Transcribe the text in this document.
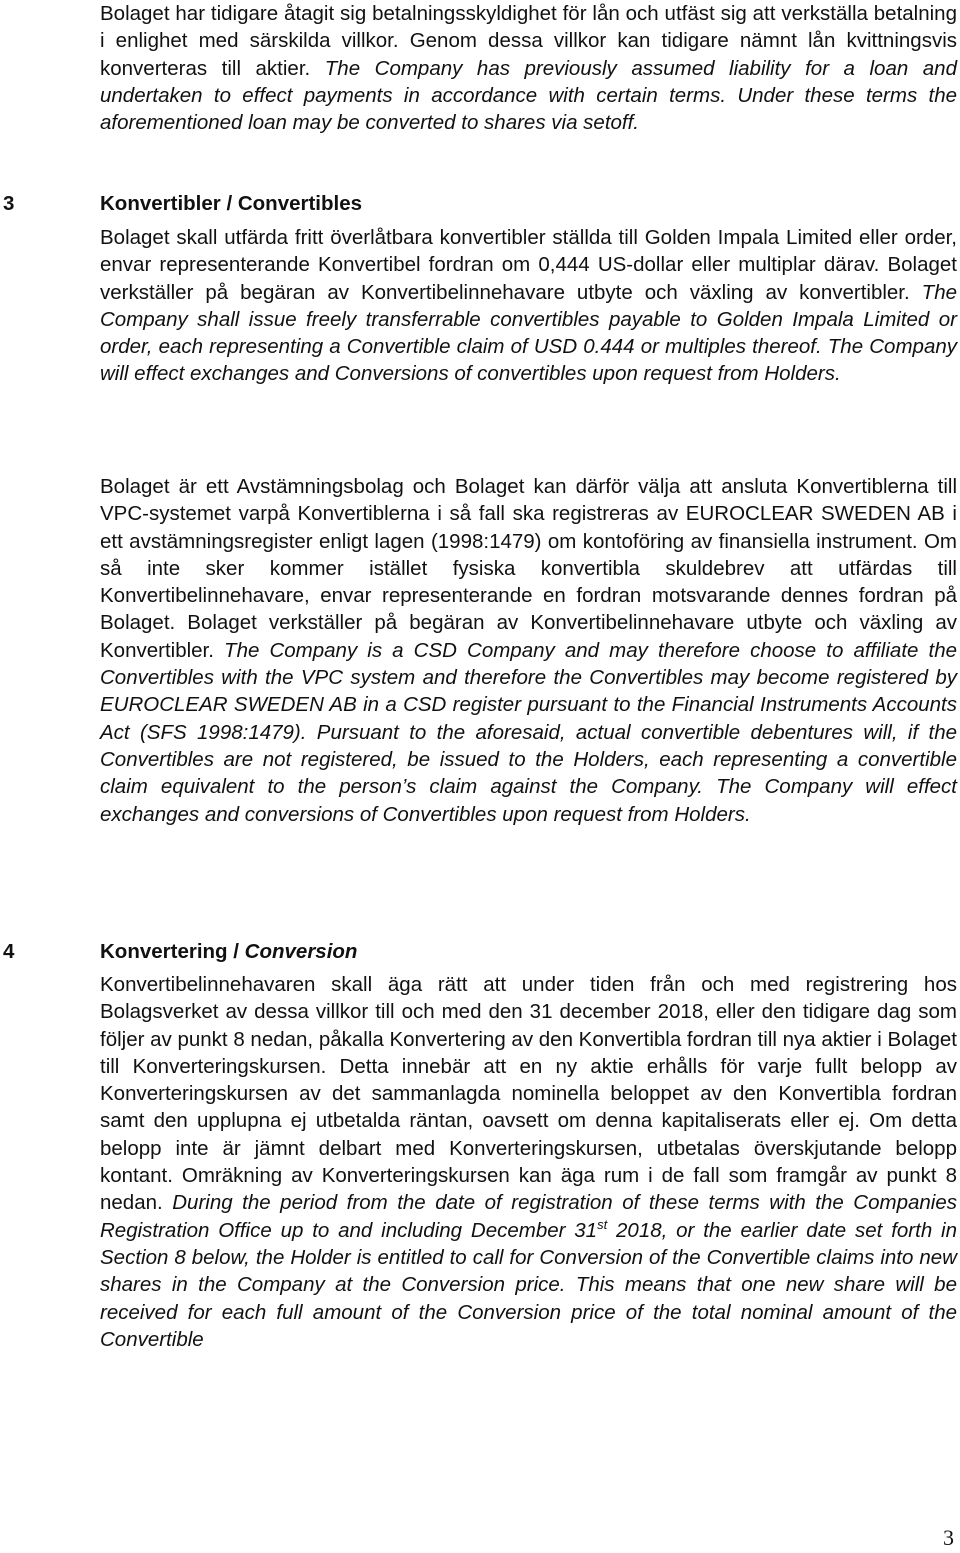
Bolaget har tidigare åtagit sig betalningsskyldighet för lån och utfäst sig att verkställa betalning i enlighet med särskilda villkor. Genom dessa villkor kan tidigare nämnt lån kvittningsvis konverteras till aktier. The Company has previously assumed liability for a loan and undertaken to effect payments in accordance with certain terms. Under these terms the aforementioned loan may be converted to shares via setoff.

3	Konvertibler / Convertibles

Bolaget skall utfärda fritt överlåtbara konvertibler ställda till Golden Impala Limited eller order, envar representerande Konvertibel fordran om 0,444 US-dollar eller multiplar därav. Bolaget verkställer på begäran av Konvertibelinnehavare utbyte och växling av konvertibler. The Company shall issue freely transferrable convertibles payable to Golden Impala Limited or order, each representing a Convertible claim of USD 0.444 or multiples thereof. The Company will effect exchanges and Conversions of convertibles upon request from Holders.

Bolaget är ett Avstämningsbolag och Bolaget kan därför välja att ansluta Konvertiblerna till VPC-systemet varpå Konvertiblerna i så fall ska registreras av EUROCLEAR SWEDEN AB i ett avstämningsregister enligt lagen (1998:1479) om kontoföring av finansiella instrument. Om så inte sker kommer istället fysiska konvertibla skuldebrev att utfärdas till Konvertibelinnehavare, envar representerande en fordran motsvarande dennes fordran på Bolaget. Bolaget verkställer på begäran av Konvertibelinnehavare utbyte och växling av Konvertibler. The Company is a CSD Company and may therefore choose to affiliate the Convertibles with the VPC system and therefore the Convertibles may become registered by EUROCLEAR SWEDEN AB in a CSD register pursuant to the Financial Instruments Accounts Act (SFS 1998:1479). Pursuant to the aforesaid, actual convertible debentures will, if the Convertibles are not registered, be issued to the Holders, each representing a convertible claim equivalent to the person’s claim against the Company. The Company will effect exchanges and conversions of Convertibles upon request from Holders.

4	Konvertering / Conversion

Konvertibelinnehavaren skall äga rätt att under tiden från och med registrering hos Bolagsverket av dessa villkor till och med den 31 december 2018, eller den tidigare dag som följer av punkt 8 nedan, påkalla Konvertering av den Konvertibla fordran till nya aktier i Bolaget till Konverteringskursen. Detta innebär att en ny aktie erhålls för varje fullt belopp av Konverteringskursen av det sammanlagda nominella beloppet av den Konvertibla fordran samt den upplupna ej utbetalda räntan, oavsett om denna kapitaliserats eller ej. Om detta belopp inte är jämnt delbart med Konverteringskursen, utbetalas överskjutande belopp kontant. Omräkning av Konverteringskursen kan äga rum i de fall som framgår av punkt 8 nedan. During the period from the date of registration of these terms with the Companies Registration Office up to and including December 31st 2018, or the earlier date set forth in Section 8 below, the Holder is entitled to call for Conversion of the Convertible claims into new shares in the Company at the Conversion price. This means that one new share will be received for each full amount of the Conversion price of the total nominal amount of the Convertible

3
